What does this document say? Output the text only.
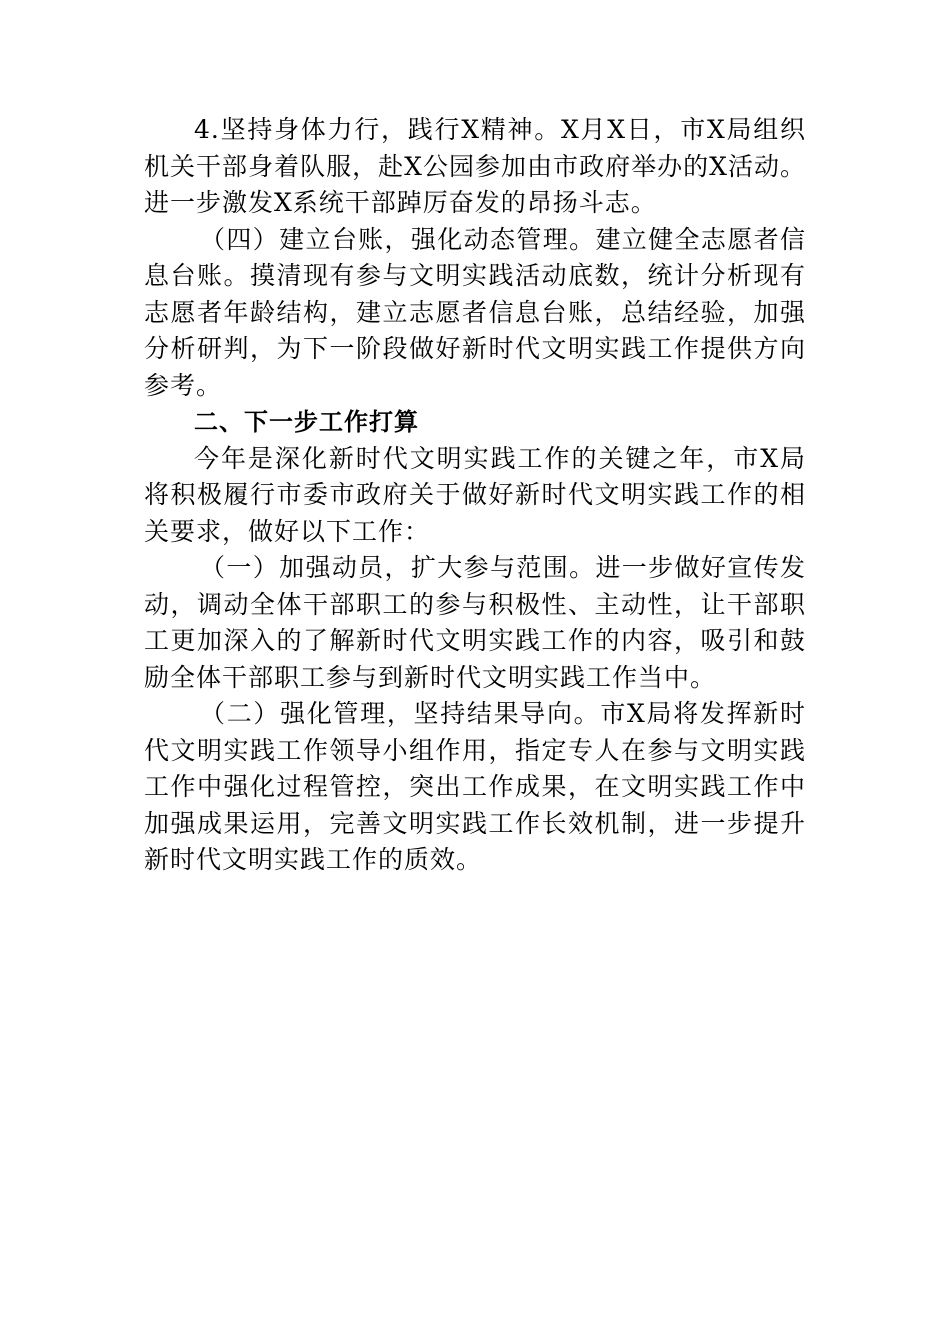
4.坚持身体力行，践行X精神。X月X日，市X局组织机关干部身着队服，赴X公园参加由市政府举办的X活动。进一步激发X系统干部踔厉奋发的昂扬斗志。

（四）建立台账，强化动态管理。建立健全志愿者信息台账。摸清现有参与文明实践活动底数，统计分析现有志愿者年龄结构，建立志愿者信息台账，总结经验，加强分析研判，为下一阶段做好新时代文明实践工作提供方向参考。

二、下一步工作打算

今年是深化新时代文明实践工作的关键之年，市X局将积极履行市委市政府关于做好新时代文明实践工作的相关要求，做好以下工作：

（一）加强动员，扩大参与范围。进一步做好宣传发动，调动全体干部职工的参与积极性、主动性，让干部职工更加深入的了解新时代文明实践工作的内容，吸引和鼓励全体干部职工参与到新时代文明实践工作当中。

（二）强化管理，坚持结果导向。市X局将发挥新时代文明实践工作领导小组作用，指定专人在参与文明实践工作中强化过程管控，突出工作成果，在文明实践工作中加强成果运用，完善文明实践工作长效机制，进一步提升新时代文明实践工作的质效。
